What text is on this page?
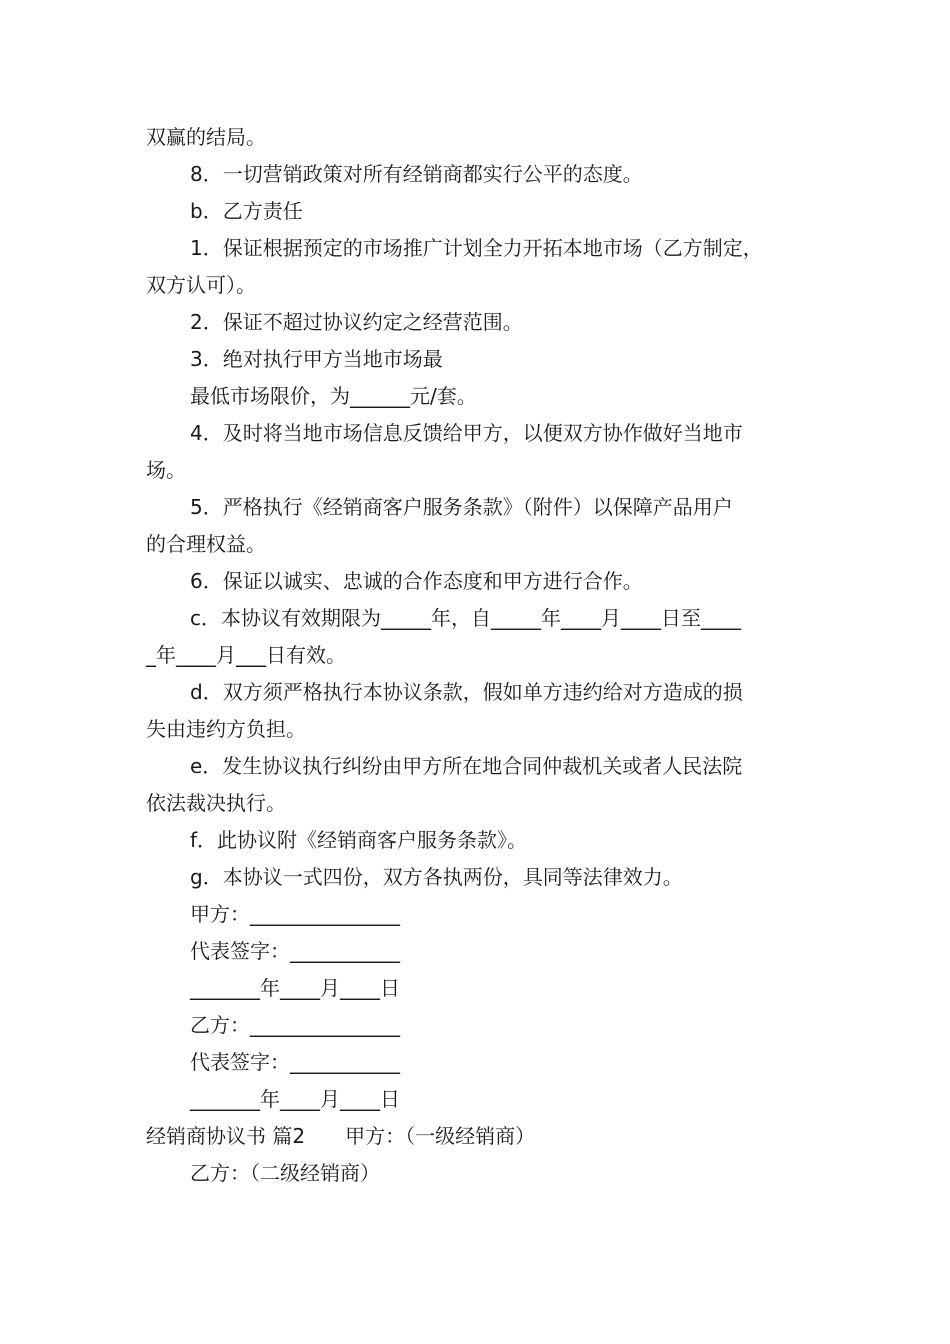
双赢的结局。
8．一切营销政策对所有经销商都实行公平的态度。
b．乙方责任
1．保证根据预定的市场推广计划全力开拓本地市场（乙方制定，
双方认可）。
2．保证不超过协议约定之经营范围。
3．绝对执行甲方当地市场最
最低市场限价，为______元/套。
4．及时将当地市场信息反馈给甲方，以便双方协作做好当地市
场。
5．严格执行《经销商客户服务条款》（附件）以保障产品用户
的合理权益。
6．保证以诚实、忠诚的合作态度和甲方进行合作。
c．本协议有效期限为_____年，自_____年____月____日至____
_年____月___日有效。
d．双方须严格执行本协议条款，假如单方违约给对方造成的损
失由违约方负担。
e．发生协议执行纠纷由甲方所在地合同仲裁机关或者人民法院
依法裁决执行。
f．此协议附《经销商客户服务条款》。
g．本协议一式四份，双方各执两份，具同等法律效力。
甲方：_______________
代表签字：___________
_______年____月____日
乙方：_______________
代表签字：___________
_______年____月____日
经销商协议书 篇2　　甲方：（一级经销商）
乙方：（二级经销商）
